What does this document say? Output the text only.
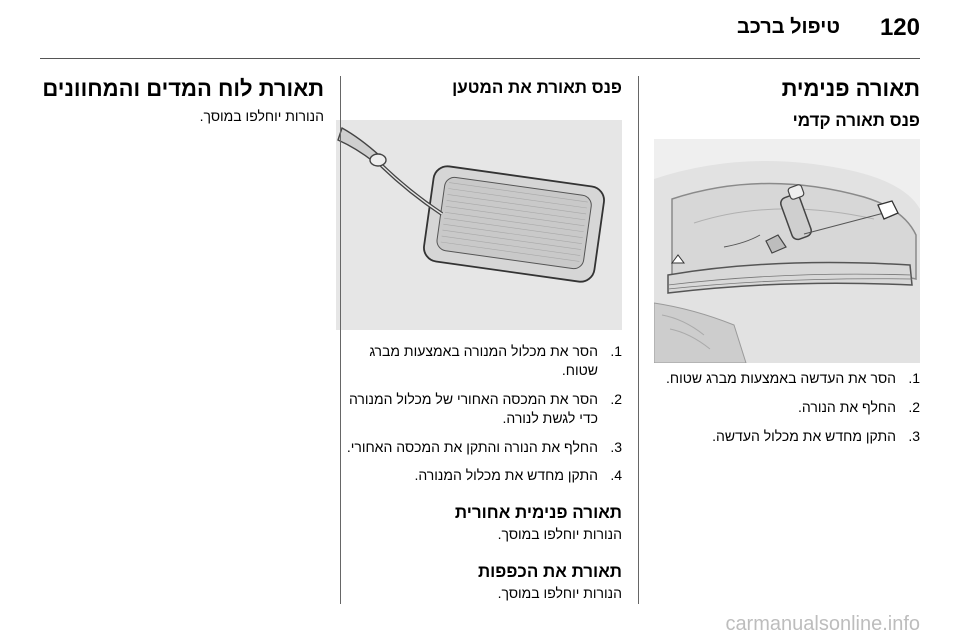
120
טיפול ברכב
תאורה פנימית
פנס תאורה קדמי
1.
הסר את העדשה באמצעות מברג שטוח.
2.
החלף את הנורה.
3.
התקן מחדש את מכלול העדשה.
פנס תאורת את המטען
1.
הסר את מכלול המנורה באמצעות מברג שטוח.
2.
הסר את המכסה האחורי של מכלול המנורה כדי לגשת לנורה.
3.
החלף את הנורה והתקן את המכסה האחורי.
4.
התקן מחדש את מכלול המנורה.
תאורה פנימית אחורית

הנורות יוחלפו במוסך.

תאורת את הכפפות

הנורות יוחלפו במוסך.

תאורת לוח המדים והמחוונים

הנורות יוחלפו במוסך.

carmanualsonline.info
